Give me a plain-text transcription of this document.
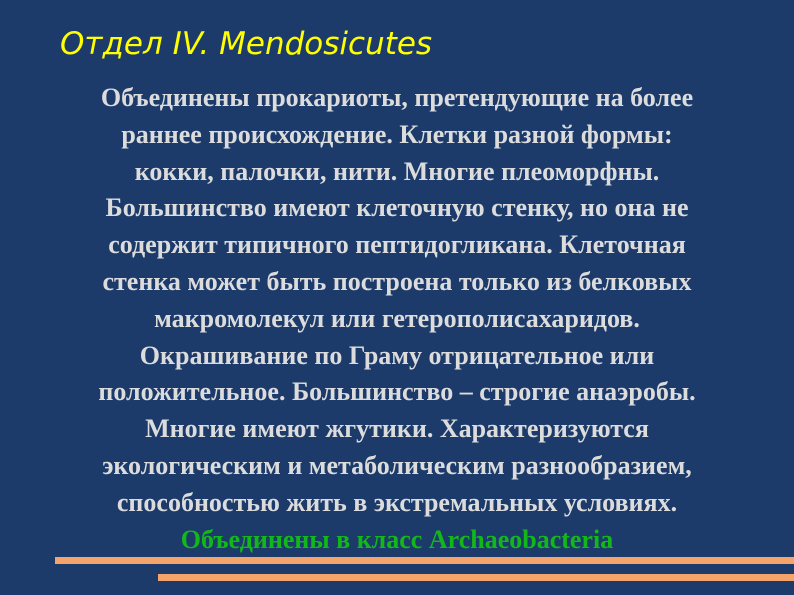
Отдел IV. Mendosicutes

Объединены прокариоты, претендующие на более
раннее происхождение. Клетки разной формы:
кокки, палочки, нити. Многие плеоморфны.
Большинство имеют клеточную стенку, но она не
содержит типичного пептидогликана. Клеточная
стенка может быть построена только из белковых
макромолекул или гетерополисахаридов.
Окрашивание по Граму отрицательное или
положительное. Большинство – строгие анаэробы.
Многие имеют жгутики. Характеризуются
экологическим и метаболическим разнообразием,
способностью жить в экстремальных условиях.
Объединены в класс Archaeobacteria
